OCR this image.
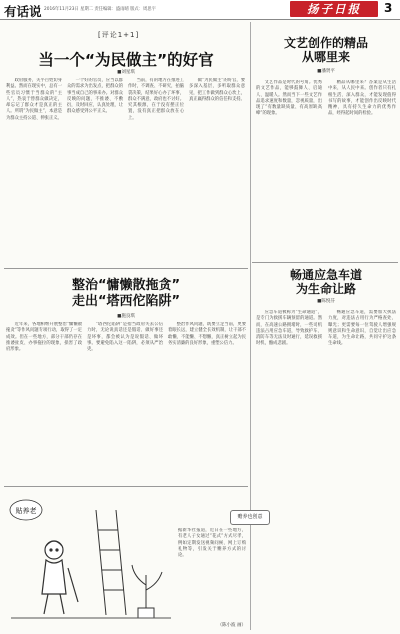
有话说 2016年11月23日 星期二 责任编辑：盛雨晴 版式：周思宇	扬子日报	3
[评论1+1]
当一个“为民做主”的好官
■刘星琪
政府服务，关乎百姓切身利益。然而在现实中，总有一些官员习惯于当群众的“主人”，热衷于替群众做决定，却忘记了群众才是真正的主人。所谓“为民做主”，本意是为群众主持公道、伸张正义。
一个好的官员，应当以群众的需求为出发点，把群众的事当成自己的事来办。对群众反映的问题，不推诿、不敷衍，及时回应，认真处理，让群众感受到公平正义。
当前，有的地方在推进工作时，不调查、不研究，拍脑袋决策，结果好心办了坏事，群众不满意，政府也不讨好。究其根源，在于没有摆正位置，没有真正把群众放在心上。
做“为民做主”的好官，要多深入基层，多听取群众意见，把工作做到群众心坎上，真正赢得群众的信任和支持。
文艺创作的精品
从哪里来
■潘贤平
文艺作品是时代的号角。优秀的文艺作品，能够鼓舞人、启迪人、温暖人。然而当下一些文艺作品追求速度和数量，忽视质量，出现了“有数量缺质量、有高原缺高峰”的现象。
精品从哪里来？答案是从生活中来，从人民中来。创作者只有扎根生活、深入群众，才能发现值得书写的故事，才能创作出反映时代精神、具有持久生命力的优秀作品，经得起时间的检验。
整治“慵懒散拖贪”
走出“塔西佗陷阱”
■施良琪
近年来，各地相继开展整治“慵懒散拖贪”等作风问题专项行动，取得了一定成效。但在一些地方，部分干部仍存在推诿扯皮、办事拖拉的现象，损害了政府形象。
“塔西佗陷阱”是指当政府失去公信力时，无论说真话还是假话、做好事还是坏事，都会被认为是说假话、做坏事。要避免陷入这一陷阱，必须从严治吏。
整治作风问题，既要立足当前，更要着眼长远，建立健全长效机制，让干部不敢懒、不能懒、不想懒，真正树立起为民务实清廉的良好形象，重塑公信力。
畅通应急车道
为生命让路
■陈悦芬
应急车道被称为“生命通道”，是专门为救援车辆预留的通道。然而，在高速公路拥堵时，一些司机违法占用应急车道，导致救护车、消防车等无法及时通行，延误救援时机，酿成悲剧。
畅通应急车道，需要加大执法力度，对违法占用行为严格查处、曝光；更需要每一位驾驶人增强规则意识和生命意识，自觉让出应急车道，为生命让路，共同守护这条生命线。
贴养老
赡养也创意
据新华社报道，近日在一些地方，有老人子女通过“花式”方式尽孝，例如定期发送视频问候、网上订购礼物等，引发关于赡养方式的讨论。
（陈小波 画）
